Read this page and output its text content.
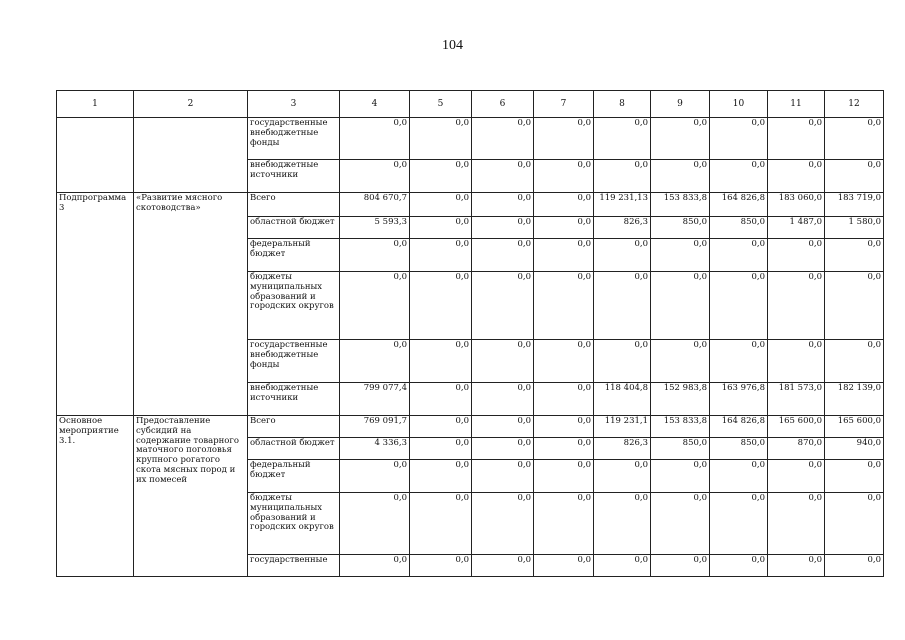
104
1	2	3	4	5	6	7	8	9	10	11	12
		государственные внебюджетные фонды	0,0	0,0	0,0	0,0	0,0	0,0	0,0	0,0	0,0
		внебюджетные источники	0,0	0,0	0,0	0,0	0,0	0,0	0,0	0,0	0,0
Подпрограмма 3	«Развитие мясного скотоводства»	Всего	804 670,7	0,0	0,0	0,0	119 231,13	153 833,8	164 826,8	183 060,0	183 719,0
		областной бюджет	5 593,3	0,0	0,0	0,0	826,3	850,0	850,0	1 487,0	1 580,0
		федеральный бюджет	0,0	0,0	0,0	0,0	0,0	0,0	0,0	0,0	0,0
		бюджеты муниципальных образований и городских округов	0,0	0,0	0,0	0,0	0,0	0,0	0,0	0,0	0,0
		государственные внебюджетные фонды	0,0	0,0	0,0	0,0	0,0	0,0	0,0	0,0	0,0
		внебюджетные источники	799 077,4	0,0	0,0	0,0	118 404,8	152 983,8	163 976,8	181 573,0	182 139,0
Основное мероприятие 3.1.	Предоставление субсидий на содержание товарного маточного поголовья крупного рогатого скота мясных пород и их помесей	Всего	769 091,7	0,0	0,0	0,0	119 231,1	153 833,8	164 826,8	165 600,0	165 600,0
		областной бюджет	4 336,3	0,0	0,0	0,0	826,3	850,0	850,0	870,0	940,0
		федеральный бюджет	0,0	0,0	0,0	0,0	0,0	0,0	0,0	0,0	0,0
		бюджеты муниципальных образований и городских округов	0,0	0,0	0,0	0,0	0,0	0,0	0,0	0,0	0,0
		государственные	0,0	0,0	0,0	0,0	0,0	0,0	0,0	0,0	0,0
